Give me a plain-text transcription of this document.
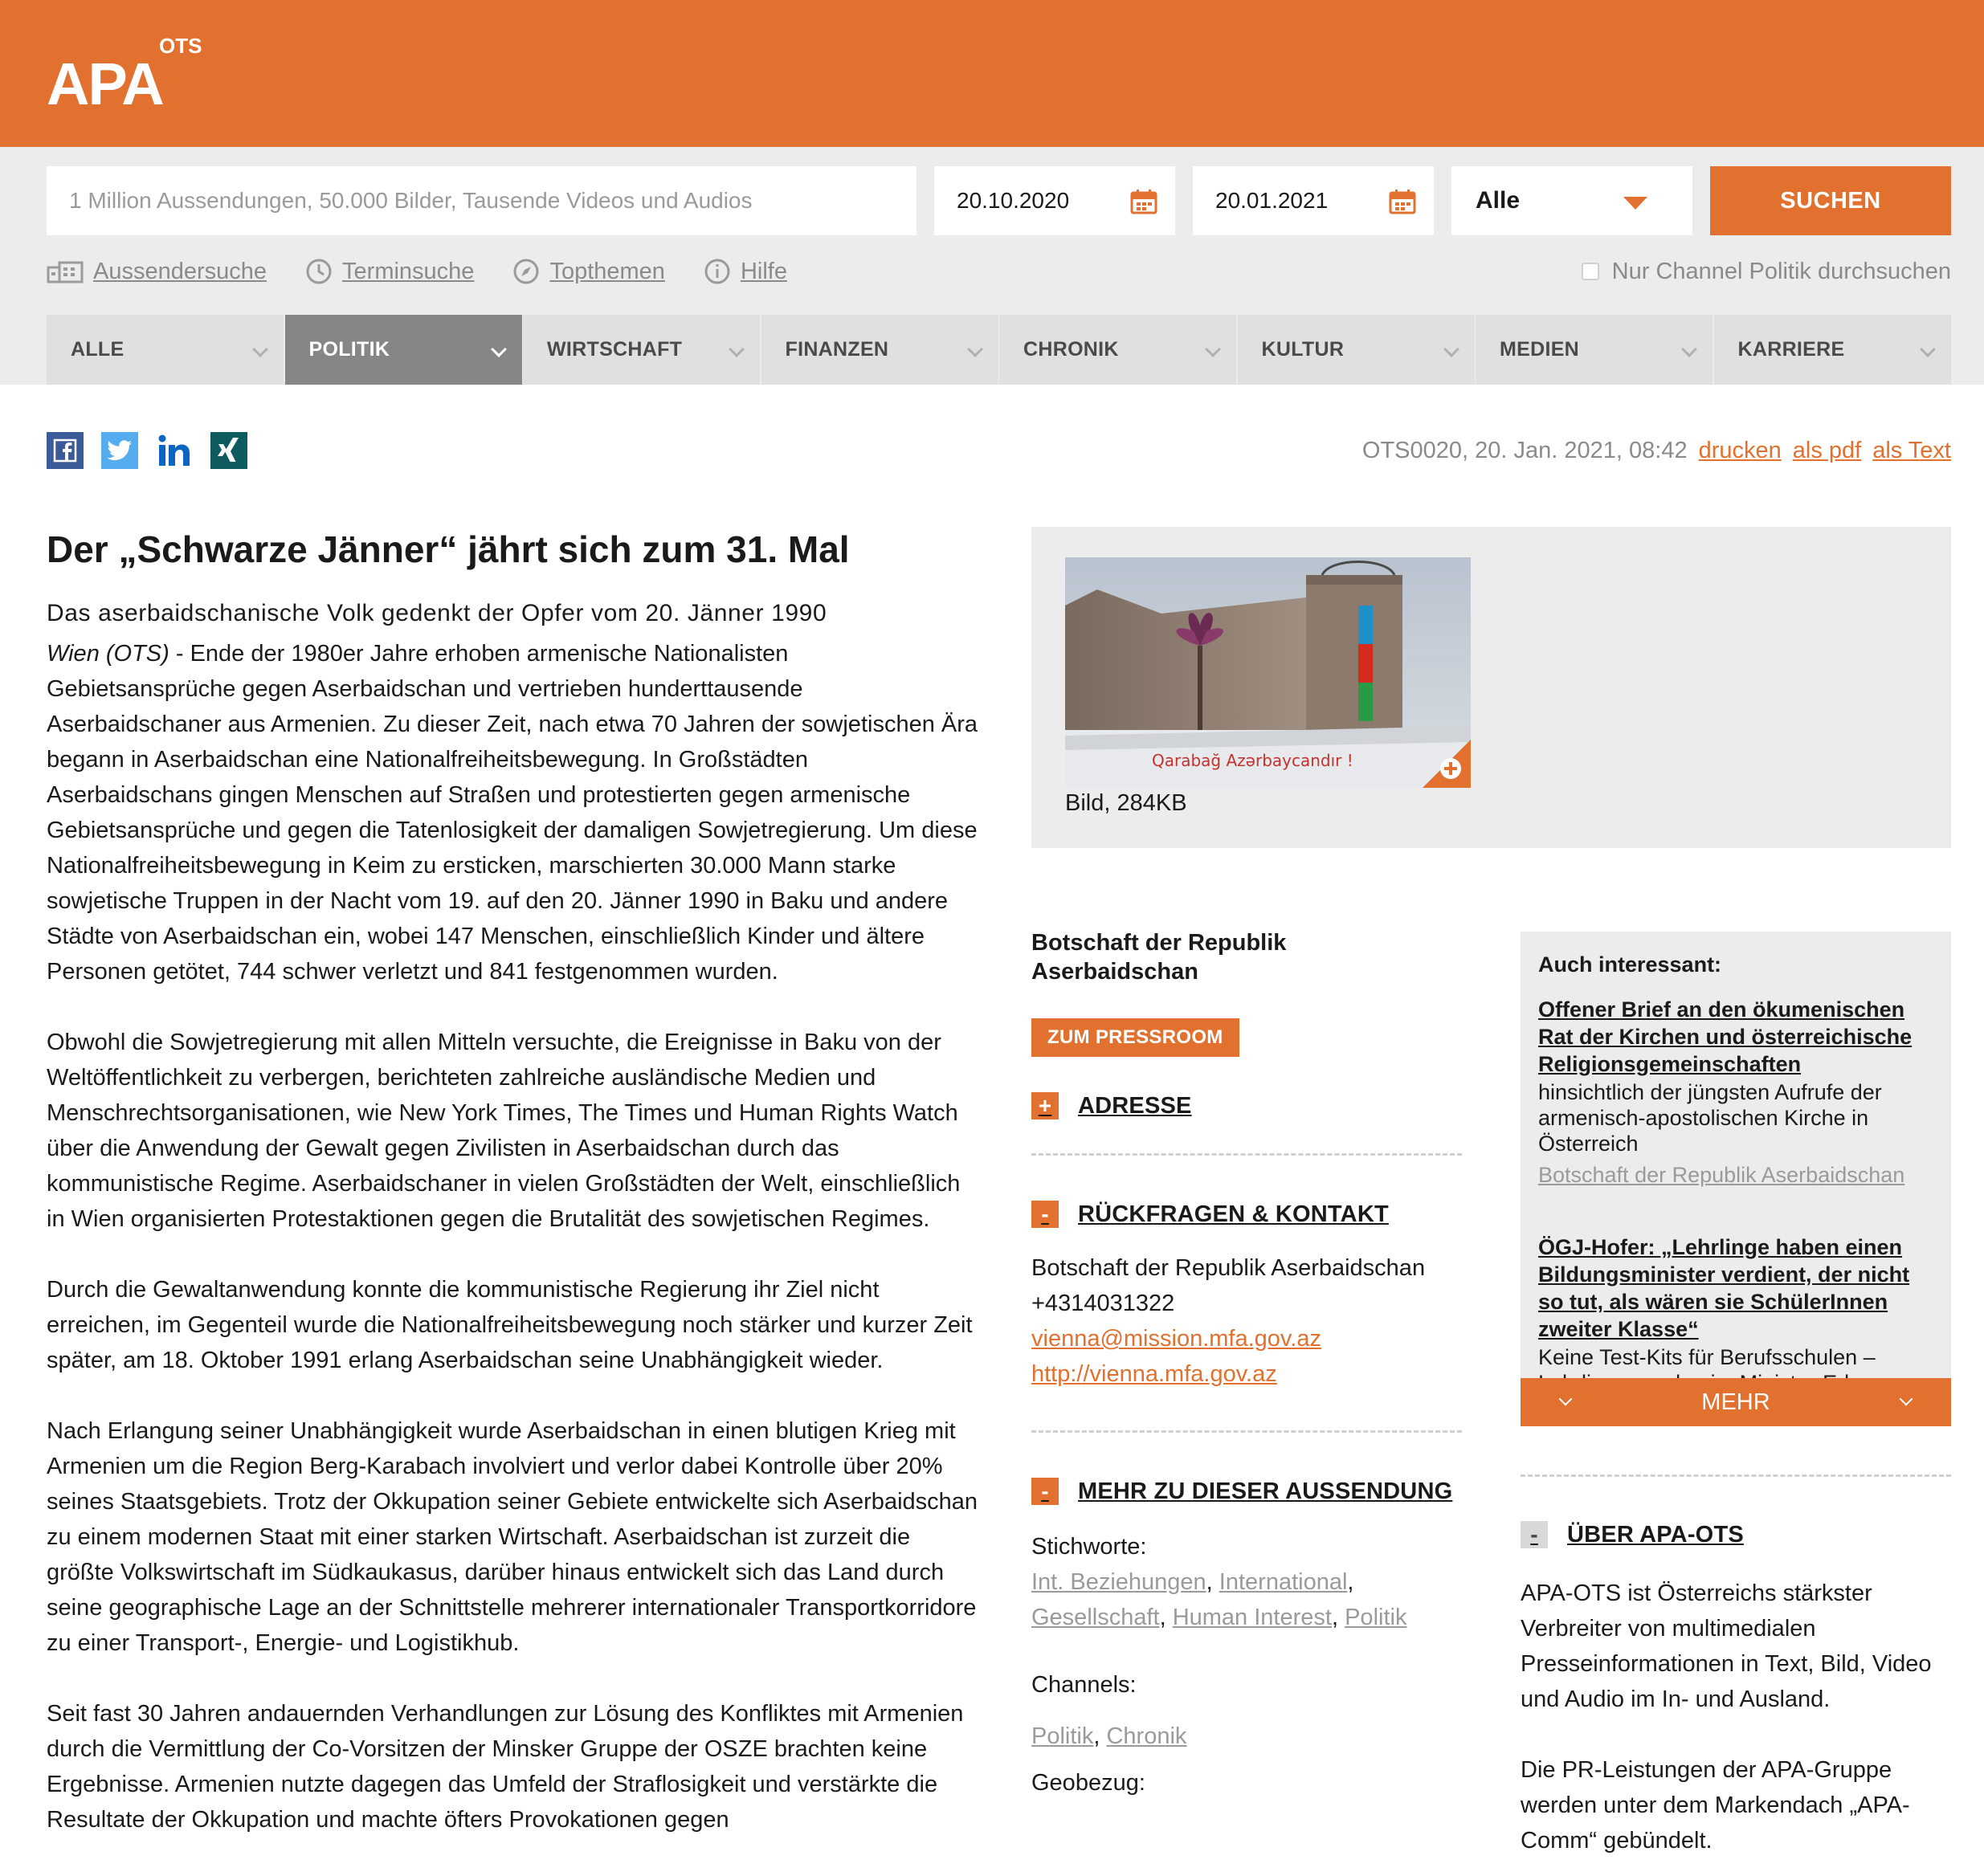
APA
OTS
1 Million Aussendungen, 50.000 Bilder, Tausende Videos und Audios	20.10.2020	20.01.2021	Alle	SUCHEN
Aussendersuche	Terminsuche	Topthemen	Hilfe	Nur Channel Politik durchsuchen
ALLE	POLITIK	WIRTSCHAFT	FINANZEN	CHRONIK	KULTUR	MEDIEN	KARRIERE
OTS0020, 20. Jan. 2021, 08:42 drucken als pdf als Text
Der „Schwarze Jänner“ jährt sich zum 31. Mal
Das aserbaidschanische Volk gedenkt der Opfer vom 20. Jänner 1990

Wien (OTS) - Ende der 1980er Jahre erhoben armenische Nationalisten Gebietsansprüche gegen Aserbaidschan und vertrieben hunderttausende Aserbaidschaner aus Armenien. Zu dieser Zeit, nach etwa 70 Jahren der sowjetischen Ära begann in Aserbaidschan eine Nationalfreiheitsbewegung. In Großstädten Aserbaidschans gingen Menschen auf Straßen und protestierten gegen armenische Gebietsansprüche und gegen die Tatenlosigkeit der damaligen Sowjetregierung. Um diese Nationalfreiheitsbewegung in Keim zu ersticken, marschierten 30.000 Mann starke sowjetische Truppen in der Nacht vom 19. auf den 20. Jänner 1990 in Baku und andere Städte von Aserbaidschan ein, wobei 147 Menschen, einschließlich Kinder und ältere Personen getötet, 744 schwer verletzt und 841 festgenommen wurden.

Obwohl die Sowjetregierung mit allen Mitteln versuchte, die Ereignisse in Baku von der Weltöffentlichkeit zu verbergen, berichteten zahlreiche ausländische Medien und Menschrechtsorganisationen, wie New York Times, The Times und Human Rights Watch über die Anwendung der Gewalt gegen Zivilisten in Aserbaidschan durch das kommunistische Regime. Aserbaidschaner in vielen Großstädten der Welt, einschließlich in Wien organisierten Protestaktionen gegen die Brutalität des sowjetischen Regimes.

Durch die Gewaltanwendung konnte die kommunistische Regierung ihr Ziel nicht erreichen, im Gegenteil wurde die Nationalfreiheitsbewegung noch stärker und kurzer Zeit später, am 18. Oktober 1991 erlang Aserbaidschan seine Unabhängigkeit wieder.

Nach Erlangung seiner Unabhängigkeit wurde Aserbaidschan in einen blutigen Krieg mit Armenien um die Region Berg-Karabach involviert und verlor dabei Kontrolle über 20% seines Staatsgebiets. Trotz der Okkupation seiner Gebiete entwickelte sich Aserbaidschan zu einem modernen Staat mit einer starken Wirtschaft. Aserbaidschan ist zurzeit die größte Volkswirtschaft im Südkaukasus, darüber hinaus entwickelt sich das Land durch seine geographische Lage an der Schnittstelle mehrerer internationaler Transportkorridore zu einer Transport-, Energie- und Logistikhub.

Seit fast 30 Jahren andauernden Verhandlungen zur Lösung des Konfliktes mit Armenien durch die Vermittlung der Co-Vorsitzen der Minsker Gruppe der OSZE brachten keine Ergebnisse. Armenien nutzte dagegen das Umfeld der Straflosigkeit und verstärkte die Resultate der Okkupation und machte öfters Provokationen gegen

Qarabağ Azərbaycandır !
Bild, 284KB
Botschaft der Republik Aserbaidschan
ZUM PRESSROOM
+	ADRESSE
-	RÜCKFRAGEN & KONTAKT
Botschaft der Republik Aserbaidschan
+4314031322
vienna@mission.mfa.gov.az
http://vienna.mfa.gov.az
-	MEHR ZU DIESER AUSSENDUNG
Stichworte:
Int. Beziehungen, International, Gesellschaft, Human Interest, Politik
Channels:
Politik, Chronik
Geobezug:
Auch interessant:
Offener Brief an den ökumenischen Rat der Kirchen und österreichische Religionsgemeinschaften
hinsichtlich der jüngsten Aufrufe der armenisch-apostolischen Kirche in Österreich
Botschaft der Republik Aserbaidschan
ÖGJ-Hofer: „Lehrlinge haben einen Bildungsminister verdient, der nicht so tut, als wären sie SchülerInnen zweiter Klasse“
Keine Test-Kits für Berufsschulen –
MEHR
-	ÜBER APA-OTS
APA-OTS ist Österreichs stärkster Verbreiter von multimedialen Presseinformationen in Text, Bild, Video und Audio im In- und Ausland.
Die PR-Leistungen der APA-Gruppe werden unter dem Markendach „APA-Comm“ gebündelt.
